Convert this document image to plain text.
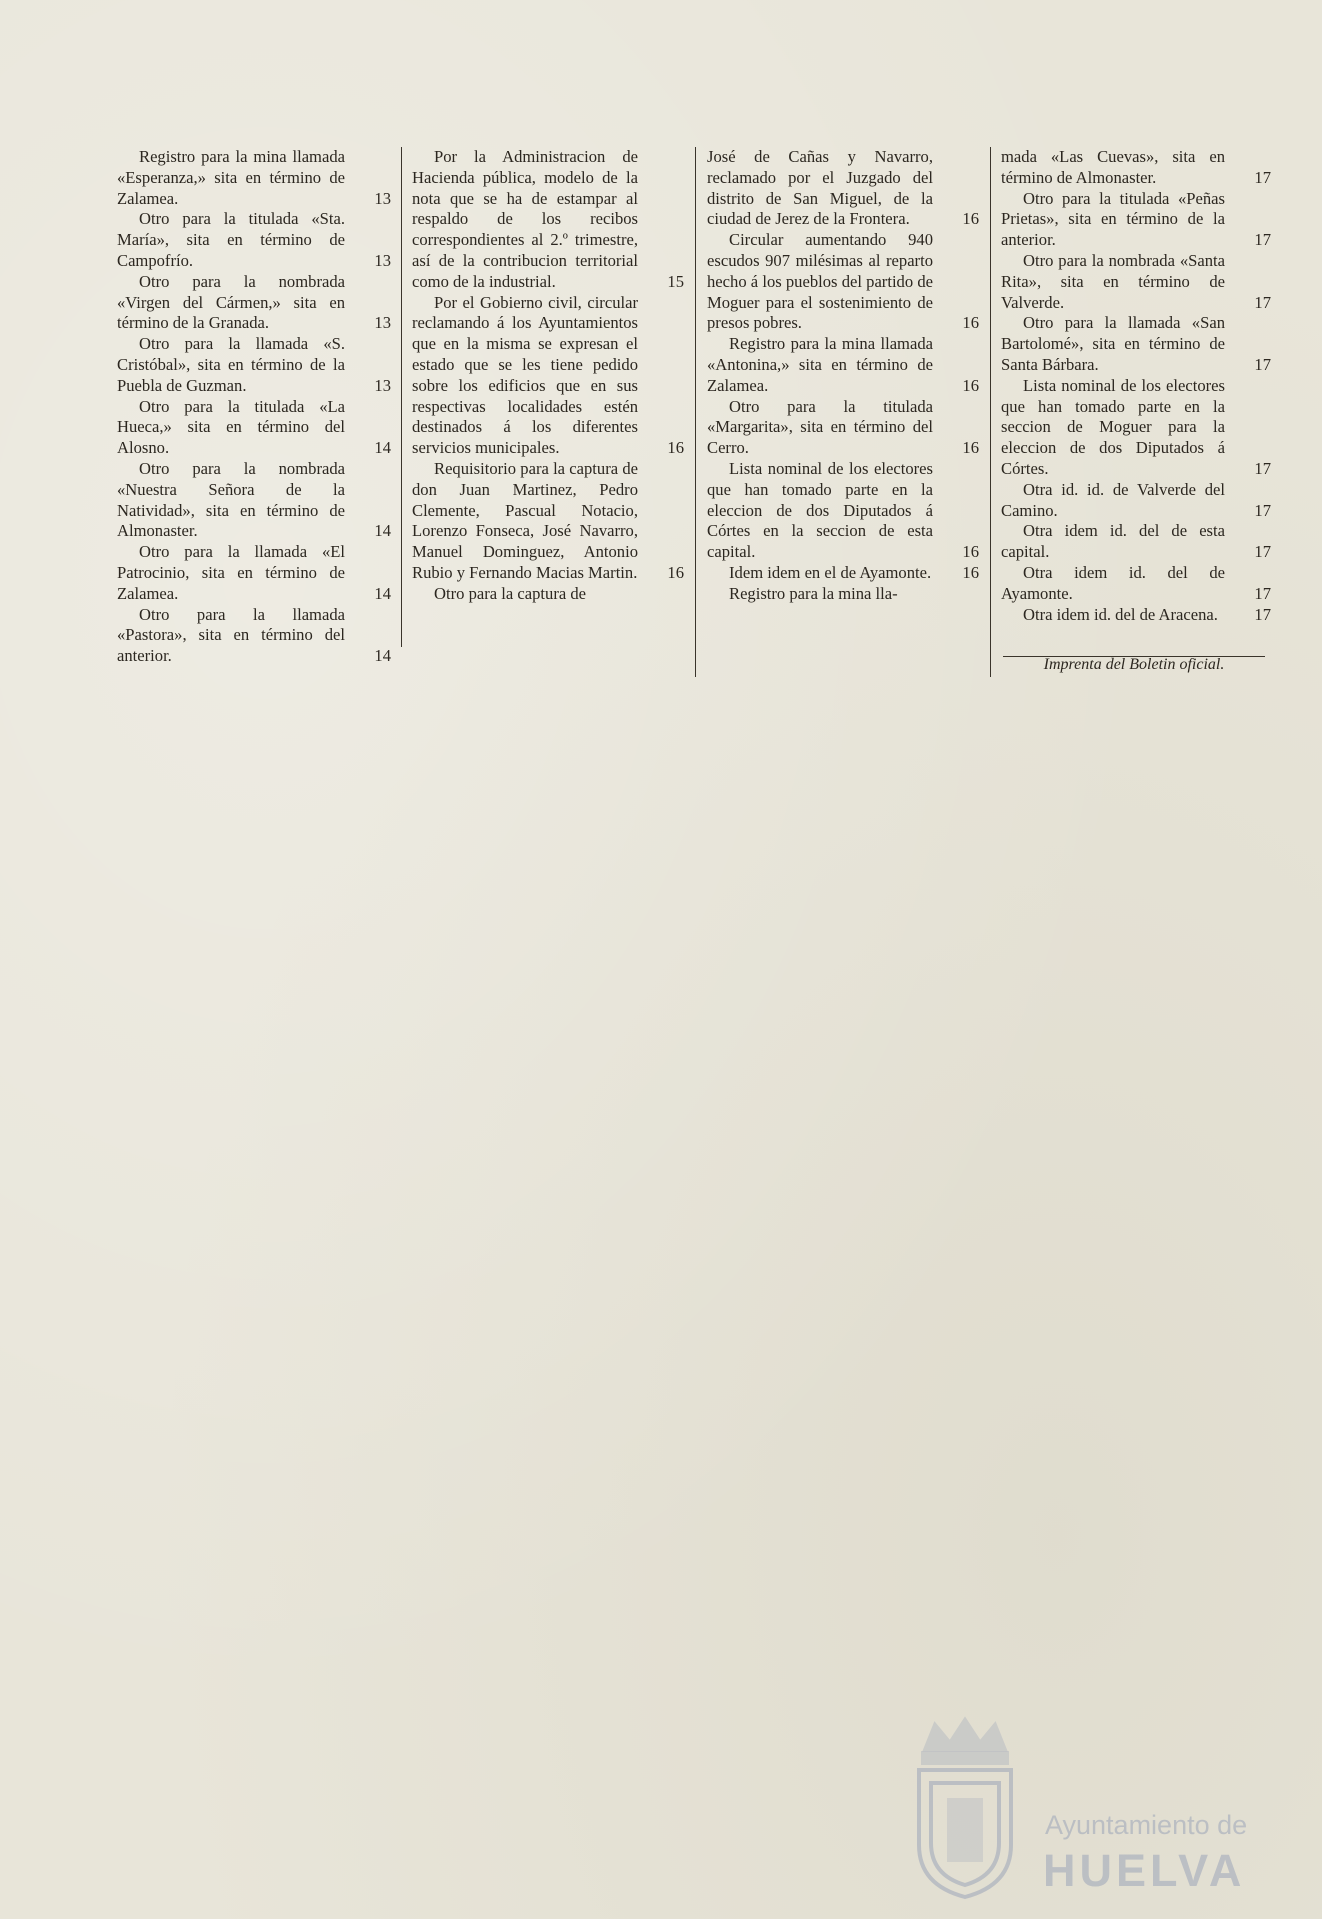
Registro para la mina llamada «Esperanza,» sita en término de Zalamea.	13

Otro para la titulada «Sta. María», sita en término de Campofrío.	13

Otro para la nombrada «Virgen del Cármen,» sita en término de la Granada.	13

Otro para la llamada «S. Cristóbal», sita en término de la Puebla de Guzman.	13

Otro para la titulada «La Hueca,» sita en término del Alosno.	14

Otro para la nombrada «Nuestra Señora de la Natividad», sita en término de Almonaster.	14

Otro para la llamada «El Patrocinio, sita en término de Zalamea.	14

Otro para la llamada «Pastora», sita en término del anterior.	14

Por la Administracion de Hacienda pública, modelo de la nota que se ha de estampar al respaldo de los recibos correspondientes al 2.º trimestre, así de la contribucion territorial como de la industrial.	15

Por el Gobierno civil, circular reclamando á los Ayuntamientos que en la misma se expresan el estado que se les tiene pedido sobre los edificios que en sus respectivas localidades estén destinados á los diferentes servicios municipales.	16

Requisitorio para la captura de don Juan Martinez, Pedro Clemente, Pascual Notacio, Lorenzo Fonseca, José Navarro, Manuel Dominguez, Antonio Rubio y Fernando Macias Martin.	16

Otro para la captura de

José de Cañas y Navarro, reclamado por el Juzgado del distrito de San Miguel, de la ciudad de Jerez de la Frontera.	16

Circular aumentando 940 escudos 907 milésimas al reparto hecho á los pueblos del partido de Moguer para el sostenimiento de presos pobres.	16

Registro para la mina llamada «Antonina,» sita en término de Zalamea.	16

Otro para la titulada «Margarita», sita en término del Cerro.	16

Lista nominal de los electores que han tomado parte en la eleccion de dos Diputados á Córtes en la seccion de esta capital.	16

Idem idem en el de Ayamonte.	16

Registro para la mina lla-

mada «Las Cuevas», sita en término de Almonaster.	17

Otro para la titulada «Peñas Prietas», sita en término de la anterior.	17

Otro para la nombrada «Santa Rita», sita en término de Valverde.	17

Otro para la llamada «San Bartolomé», sita en término de Santa Bárbara.	17

Lista nominal de los electores que han tomado parte en la seccion de Moguer para la eleccion de dos Diputados á Córtes.	17

Otra id. id. de Valverde del Camino.	17

Otra idem id. del de esta capital.	17

Otra idem id. del de Ayamonte.	17

Otra idem id. del de Aracena.	17
Imprenta del Boletin oficial.
Ayuntamiento de
HUELVA
